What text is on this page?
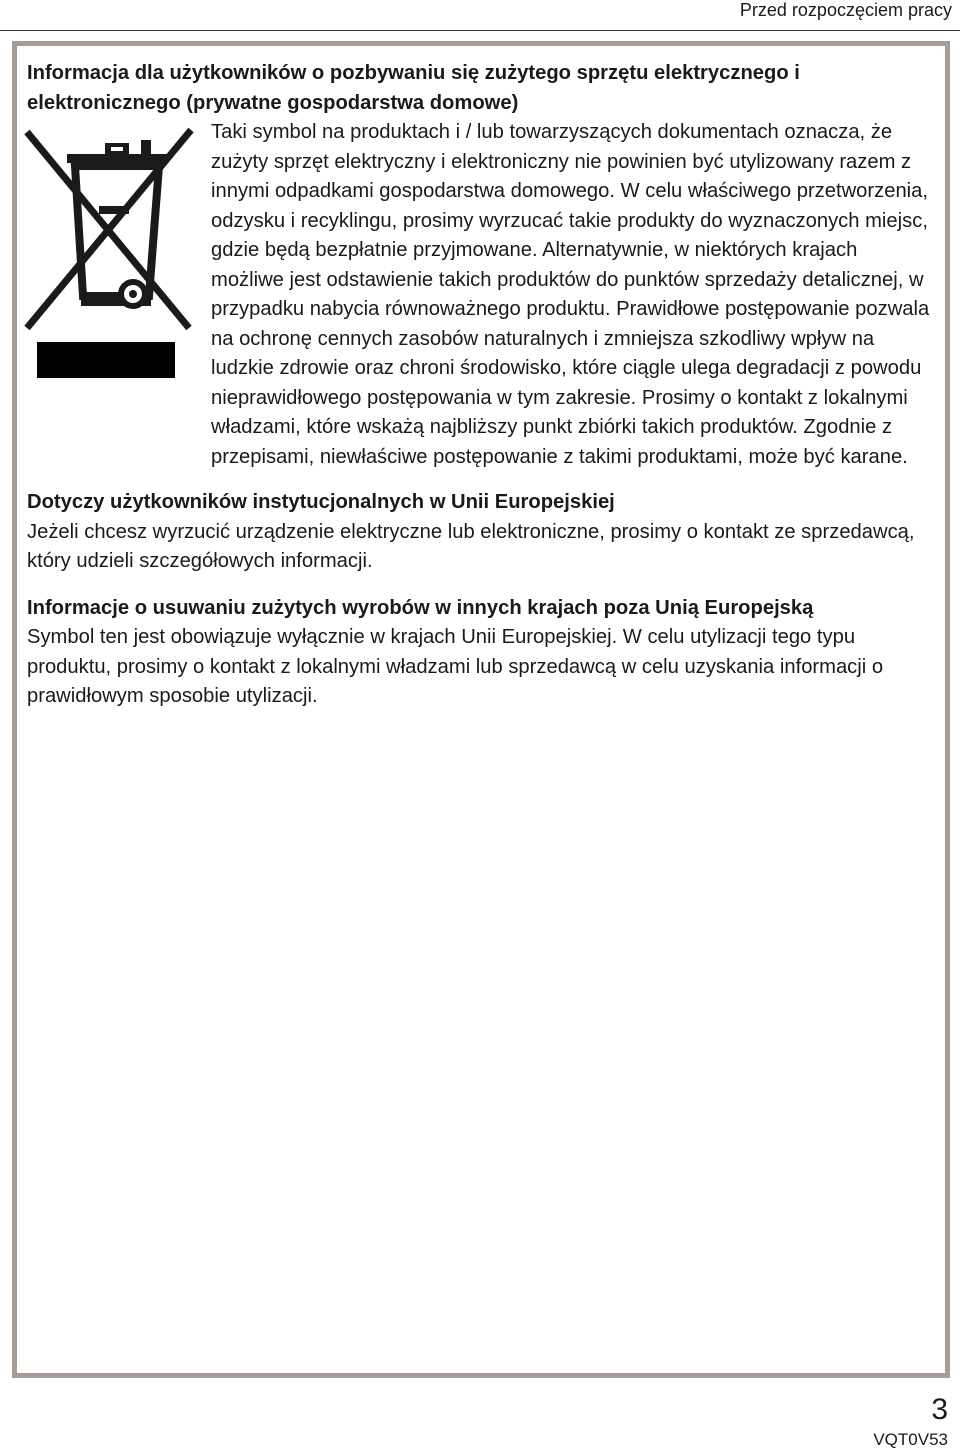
Przed rozpoczęciem pracy

Informacja dla użytkowników o pozbywaniu się zużytego sprzętu elektrycznego i elektronicznego (prywatne gospodarstwa domowe)

Taki symbol na produktach i / lub towarzyszących dokumentach oznacza, że zużyty sprzęt elektryczny i elektroniczny nie powinien być utylizowany razem z innymi odpadkami gospodarstwa domowego. W celu właściwego przetworzenia, odzysku i recyklingu, prosimy wyrzucać takie produkty do wyznaczonych miejsc, gdzie będą bezpłatnie przyjmowane. Alternatywnie, w niektórych krajach możliwe jest odstawienie takich produktów do punktów sprzedaży detalicznej, w przypadku nabycia równoważnego produktu. Prawidłowe postępowanie pozwala na ochronę cennych zasobów naturalnych i zmniejsza szkodliwy wpływ na ludzkie zdrowie oraz chroni środowisko, które ciągle ulega degradacji z powodu nieprawidłowego postępowania w tym zakresie. Prosimy o kontakt z lokalnymi władzami, które wskażą najbliższy punkt zbiórki takich produktów. Zgodnie z przepisami, niewłaściwe postępowanie z takimi produktami, może być karane.

Dotyczy użytkowników instytucjonalnych w Unii Europejskiej

Jeżeli chcesz wyrzucić urządzenie elektryczne lub elektroniczne, prosimy o kontakt ze sprzedawcą, który udzieli szczegółowych informacji.

Informacje o usuwaniu zużytych wyrobów w innych krajach poza Unią Europejską

Symbol ten jest obowiązuje wyłącznie w krajach Unii Europejskiej. W celu utylizacji tego typu produktu, prosimy o kontakt z lokalnymi władzami lub sprzedawcą w celu uzyskania informacji o prawidłowym sposobie utylizacji.

3
VQT0V53
